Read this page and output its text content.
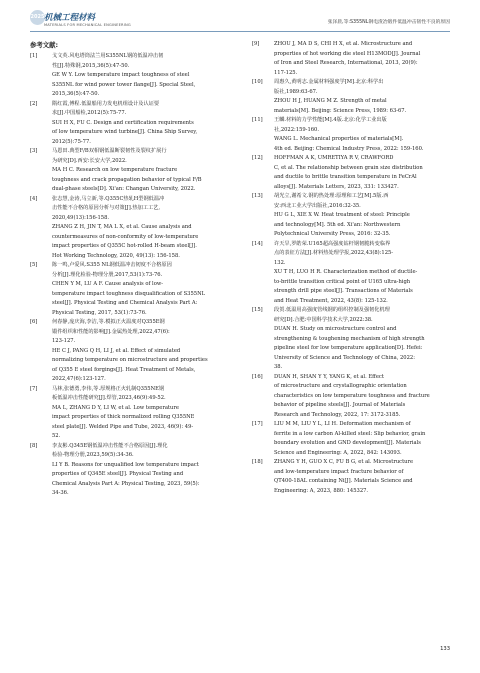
2025 机械工程材料
MATERIALS FOR MECHANICAL ENGINEERING	张泽晨,等:S355NL钢电渣冶锻件低温冲击韧性不良的原因
参考文献:
[1]	戈文英.风电塔筒法兰用S355NL钢的低温冲击韧
性[J].特殊钢,2015,36(5):47-50.
GE W Y. Low temperature impact toughness of steel
S355NL for wind power tower flange[J]. Special Steel,
2015,36(5):47-50.
[2]	隋红霞,傅程.低温船用力发电机组设计及认证要
求[J].中国船检,2012(5):75-77.
SUI H X, FU C. Design and certification requirements
of low temperature wind turbine[J]. China Ship Survey,
2012(5):75-77.
[3]	马恩田.典型F/B双相钢低温断裂韧性及裂纹扩展行
为研究[D].西安:长安大学,2022.
MA H C. Research on low temperature fracture
toughness and crack propagation behavior of typical F/B
dual-phase steels[D]. Xi'an: Changan University, 2022.
[4]	张志慧,金涛,马立新,等.Q355C热轧H型钢低温冲
击性能不合格的原因分析与对策[J].热加工工艺,
2020,49(13):156-158.
ZHANG Z H, JIN T, MA L X, et al. Cause analysis and
countermeasures of non-conformity of low-temperature
impact properties of Q355C hot-rolled H-beam steel[J].
Hot Working Technology, 2020, 49(13): 156-158.
[5]	陈一鸣,卢爱风.S355 NL钢低温冲击韧度不合格原因
分析[J].理化检验-物理分册,2017,53(1):73-76.
CHEN Y M, LU A F. Cause analysis of low-
temperature impact toughness disqualification of S355NL
steel[J]. Physical Testing and Chemical Analysis Part A:
Physical Testing, 2017, 53(1):73-76.
[6]	何春静,庞庆海,李洁,等.模拟正火温度对Q355E钢
锻件组织和性能的影响[J].金属热处理,2022,47(6):
123-127.
HE C J, PANG Q H, LI J, et al. Effect of simulated
normalizing temperature on microstructure and properties
of Q355 E steel forgings[J]. Heat Treatment of Metals,
2022,47(6):123-127.
[7]	马林,张德勇,李伟,等.厚规格正火轧制Q355NE钢
板低温冲击性能研究[J].焊管,2023,46(9):49-52.
MA L, ZHANG D Y, LI W, et al. Low temperature
impact properties of thick normalized rolling Q355NE
steel plate[J]. Welded Pipe and Tube, 2023, 46(9): 49-
52.
[8]	李友彬.Q345E钢低温冲击性能不合格原因[J].理化
检验-物理分册,2023,59(5):34-36.
LI Y B. Reasons for unqualified low temperature impact
properties of Q345E steel[J]. Physical Testing and
Chemical Analysis Part A: Physical Testing, 2023, 59(5):
34-36.
[9]	ZHOU J, MA D S, CHI H X, et al. Microstructure and
properties of hot working die steel H13MOD[J]. Journal
of Iron and Steel Research, International, 2013, 20(9):
117-125.
[10]	周惠久,黄明志.金属材料强度学[M].北京:科学出
版社,1989:63-67.
ZHOU H J, HUANG M Z. Strength of metal
materials[M]. Beijing: Science Press, 1989: 63-67.
[11]	王麟.材料的力学性能[M].4版.北京:化学工业出版
社,2022:159-160.
WANG L. Mechanical properties of materials[M].
4th ed. Beijing: Chemical Industry Press, 2022: 159-160.
[12]	HOFFMAN A K, UMRETIYA R V, CRAWFORD
C, et al. The relationship between grain size distribution
and ductile to brittle transition temperature in FeCrAl
alloys[J]. Materials Letters, 2023, 331: 133427.
[13]	胡光立,谢希文.钢的热处理:原理和工艺[M].5版.西
安:西北工业大学出版社,2016:32-35.
HU G L, XIE X W. Heat treatment of steel: Principle
and technology[M]. 5th ed. Xi'an: Northwestern
Polytechnical University Press, 2016: 32-35.
[14]	许天旱,罗皓荣.U165超高强度钻杆钢韧脆转变临界
点的表征方法[J].材料热处理学报,2022,43(8):125-
132.
XU T H, LUO H R. Characterization method of ductile-
to-brittle transition critical point of U165 ultra-high
strength drill pipe steel[J]. Transactions of Materials
and Heat Treatment, 2022, 43(8): 125-132.
[15]	段贺.低温用高强度管线钢的组织控制及强韧化机理
研究[D].合肥:中国科学技术大学,2022:38.
DUAN H. Study on microstructure control and
strengthening & toughening mechanism of high strength
pipeline steel for low temperature application[D]. Hefei:
University of Science and Technology of China, 2022:
38.
[16]	DUAN H, SHAN Y Y, YANG K, et al. Effect
of microstructure and crystallographic orientation
characteristics on low temperature toughness and fracture
behavior of pipeline steels[J]. Journal of Materials
Research and Technology, 2022, 17: 3172-3185.
[17]	LIU M M, LIU Y L, LI H. Deformation mechanism of
ferrite in a low carbon Al-killed steel: Slip behavior, grain
boundary evolution and GND development[J]. Materials
Science and Engineering: A, 2022, 842: 143093.
[18]	ZHANG Y H, GUO X C, FU B G, et al. Microstructure
and low-temperature impact fracture behavior of
QT400-18AL containing Ni[J]. Materials Science and
Engineering: A, 2023, 880: 145327.
133
